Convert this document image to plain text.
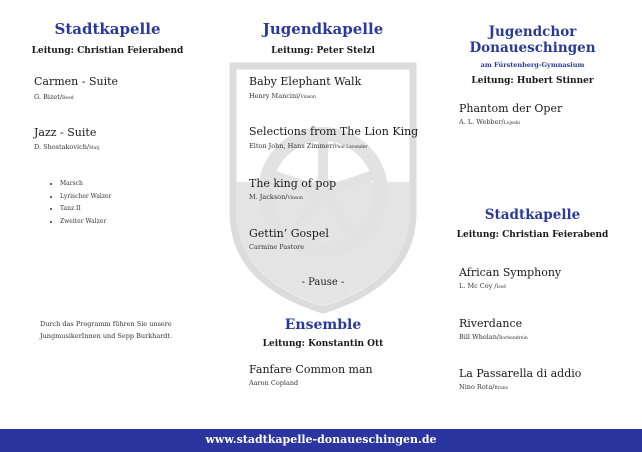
Stadtkapelle
Leitung: Christian Feierabend
Carmen - Suite
G. Bizet/Reed
Jazz - Suite
D. Shostakovich/Matj
• Marsch
• Lyrischer Walzer
• Tanz II
• Zweiter Walzer
Durch das Programm führen Sie unsere JungmusikerInnen und Sepp Burkhardt.
Jugendkapelle
Leitung: Peter Stelzl
Baby Elephant Walk
Henry Mancini/Vinson
Selections from The Lion King
Elton John, Hans Zimmer/Paul Lavender
The king of pop
M. Jackson/Vinson
Gettin’ Gospel
Carmine Pastore
- Pause -
Ensemble
Leitung: Konstantin Ott
Fanfare Common man
Aaron Copland
Jugendchor
Donaueschingen
am Fürstenberg-Gymnasium
Leitung: Hubert Stinner
Phantom der Oper
A. L. Webber/Lojeski
Stadtkapelle
Leitung: Christian Feierabend
African Symphony
L. Mc Coy /Isoë
Riverdance
Bill Whelan/Borbendrein
La Passarella di addio
Nino Rota/Bruns
www.stadtkapelle-donaueschingen.de
